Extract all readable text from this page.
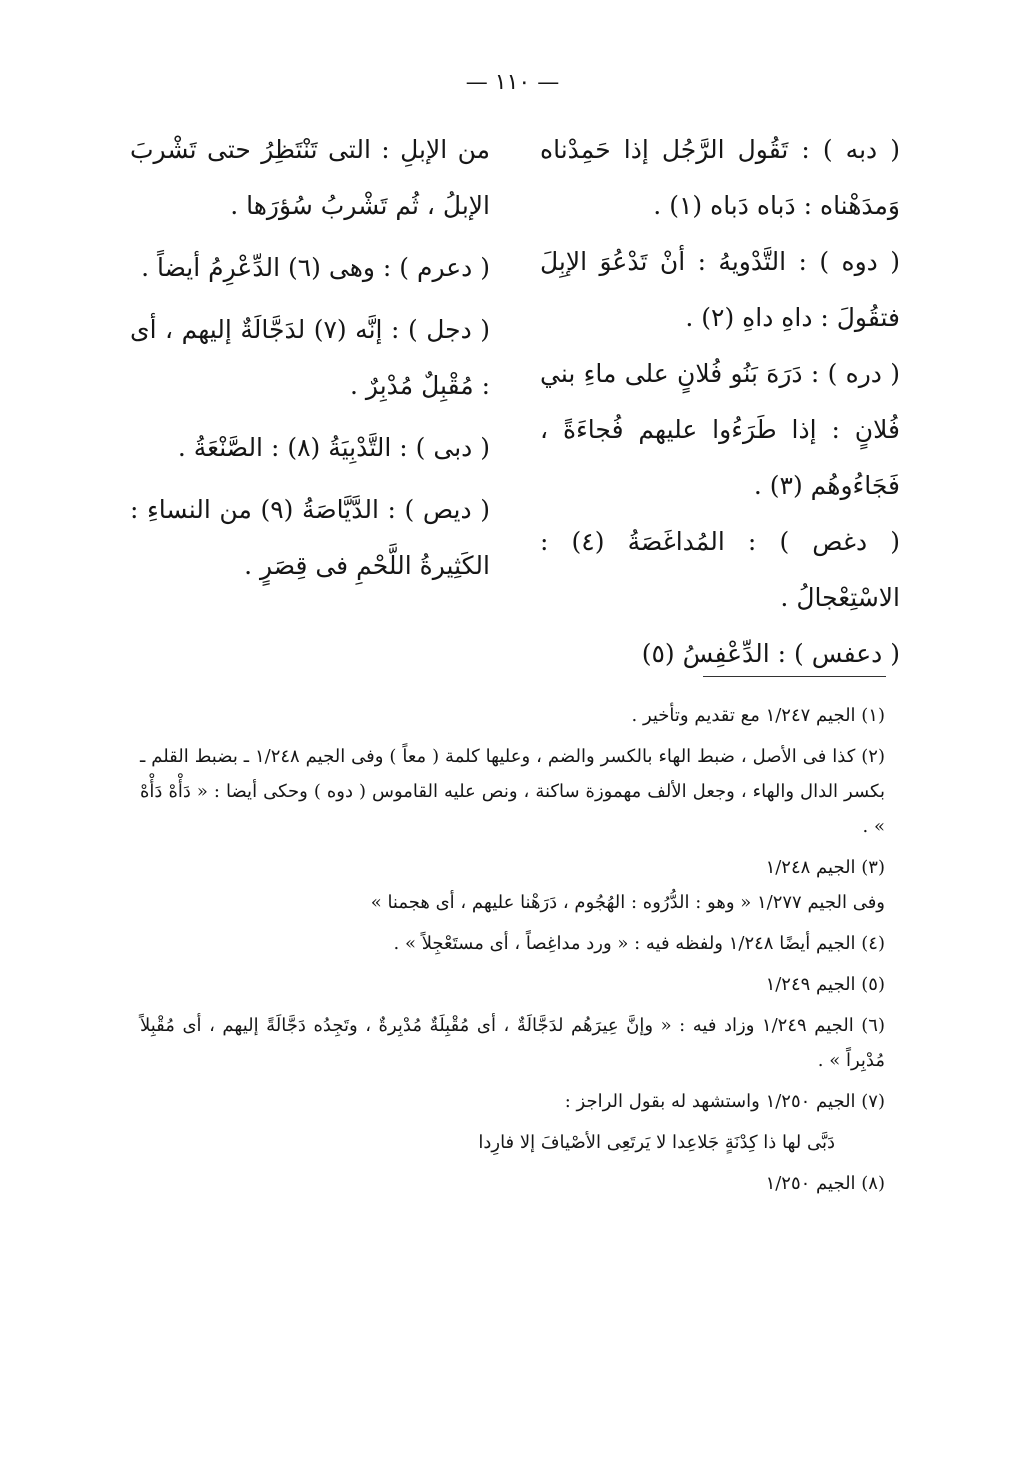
— ١١٠ —

( دبه ) : تَقُول الرَّجُل إذا حَمِدْناه وَمدَهْناه : دَباه دَباه (١) .

( دوه ) : التَّدْويهُ : أنْ تَدْعُوَ الإبِلَ فتقُولَ : داهِ داهِ (٢) .

( دره ) : دَرَهَ بَنُو فُلانٍ على ماءِ بني فُلانٍ : إذا طَرَءُوا عليهم فُجاءَةً ، فَجَاءُوهُم (٣) .

( دغص ) : المُداغَصَةُ (٤) : الاسْتِعْجالُ .

( دعفس ) : الدِّعْفِسُ (٥)

من الإبلِ : التى تَنْتَظِرُ حتى تَشْربَ الإبلُ ، ثُم تَشْربُ سُؤرَها .

( دعرم ) : وهى (٦) الدِّعْرِمُ أيضاً .

( دجل ) : إنَّه (٧) لدَجَّالَةٌ إليهم ، أى : مُقْبِلٌ مُدْبِرٌ .

( دبى ) : التَّدْبِيَةُ (٨) : الصَّنْعَةُ .

( ديص ) : الدَّيَّاصَةُ (٩) من النساءِ : الكَثِيرةُ اللَّحْمِ فى قِصَرٍ .

(١) الجيم ١/٢٤٧ مع تقديم وتأخير .

(٢) كذا فى الأصل ، ضبط الهاء بالكسر والضم ، وعليها كلمة ( معاً ) وفى الجيم ١/٢٤٨ ـ بضبط القلم ـ بكسر الدال والهاء ، وجعل الألف مهموزة ساكنة ، ونص عليه القاموس ( دوه ) وحكى أيضا : « دَأْهْ دَأْهْ » .

(٣) الجيم ١/٢٤٨

وفى الجيم ١/٢٧٧ « وهو : الدُّرُوه : الهُجُوم ، دَرَهْنا عليهم ، أى هجمنا »

(٤) الجيم أيضًا ١/٢٤٨ ولفظه فيه : « ورد مداغِصاً ، أى مستَعْجِلاً » .

(٥) الجيم ١/٢٤٩

(٦) الجيم ١/٢٤٩ وزاد فيه : « وإنَّ عِيرَهُم لدَجَّالَةٌ ، أى مُقْبِلَةٌ مُدْبِرةٌ ، وتَجِدُه دَجَّالَةً إليهم ، أى مُقْبِلاً مُدْبِراً » .

(٧) الجيم ١/٢٥٠ واستشهد له بقول الراجز :

دَبَّى لها ذا كِدْنَةٍ جَلاعِدا لا يَرتَعِى الأصْيافَ إلا فارِدا

(٨) الجيم ١/٢٥٠
